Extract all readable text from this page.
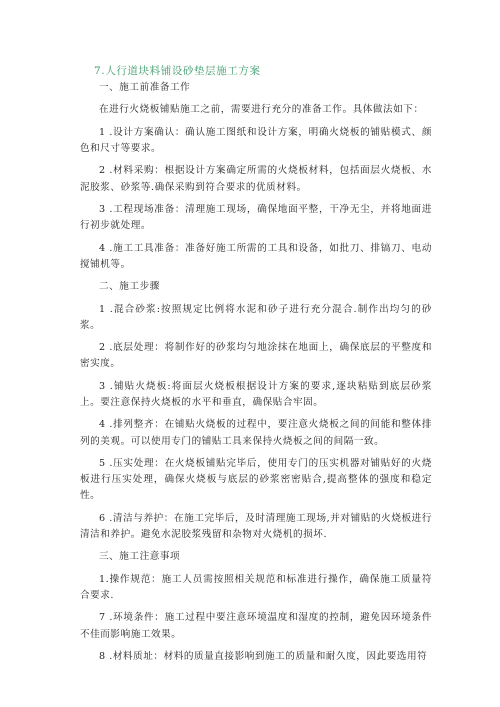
7.人行道块料铺设砂垫层施工方案
一、施工前准备工作

在进行火烧板铺贴施工之前，需要进行充分的准备工作。具体做法如下：

1 .设计方案确认：确认施工图纸和设计方案，明确火烧板的铺贴模式、颜色和尺寸等要求。

2 .材料采购：根据设计方案确定所需的火烧板材料，包括面层火烧板、水泥胶浆、砂浆等.确保采购到符合要求的优质材料。

3 .工程现场准备：清理施工现场，确保地面平整，干净无尘，并将地面进行初步就处理。

4 .施工工具准备：准备好施工所需的工具和设备，如批刀、排镐刀、电动搅铺机等。

二、施工步骤

1 .混合砂浆:按照规定比例将水泥和砂子进行充分混合.制作出均匀的砂浆。

2 .底层处理：将制作好的砂浆均匀地涂抹在地面上，确保底层的平整度和密实度。

3 .铺贴火烧板:将面层火烧板根据设计方案的要求,逐块粘贴到底层砂浆上。要注意保持火烧板的水平和垂直，确保贴合牢固。

4 .排列整齐：在铺贴火烧板的过程中，要注意火烧板之间的间能和整体排列的美观。可以使用专门的铺贴工具来保持火烧板之间的间隔一致。

5 .压实处理：在火烧板铺贴完毕后，使用专门的压实机器对铺贴好的火烧板进行压实处理，确保火烧板与底层的砂浆密密贴合,提高整体的强度和稳定性。

6 .清洁与养护：在施工完毕后，及时清理施工现场,并对铺贴的火烧板进行清洁和养护。避免水泥胶浆残留和杂物对火烧机的损坏.

三、施工注意事项

1.操作规范：施工人员需按照相关规范和标准进行操作，确保施工质量符合要求.

7 .环境条件：施工过程中要注意环境温度和湿度的控制，避免因环境条件不佳而影响施工效果。

8 .材料质址：材料的质量直接影响到施工的质量和耐久度，因此要选用符
